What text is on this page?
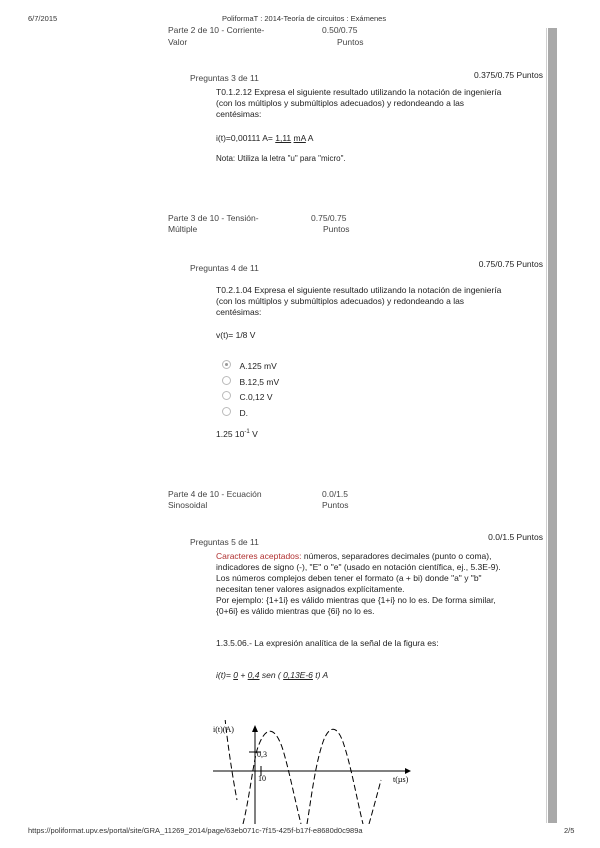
6/7/2015	PoliformaT : 2014-Teoría de circuitos : Exámenes
Parte 2 de 10 - Corriente-
Valor
0.50/0.75
Puntos
Preguntas 3 de 11	0.375/0.75 Puntos
T0.1.2.12 Expresa el siguiente resultado utilizando la notación de ingeniería
(con los múltiplos y submúltiplos adecuados) y redondeando a las
centésimas:
i(t)=0,00111 A= 1,11 mA A
Nota: Utiliza la letra "u" para "micro".
Parte 3 de 10 - Tensión-
Múltiple
0.75/0.75
Puntos
Preguntas 4 de 11	0.75/0.75 Puntos
T0.2.1.04 Expresa el siguiente resultado utilizando la notación de ingeniería
(con los múltiplos y submúltiplos adecuados) y redondeando a las
centésimas:
v(t)= 1/8 V
A.125 mV
B.12,5 mV
C.0,12 V
D.
1.25 $10^{-1}$ V
Parte 4 de 10 - Ecuación
Sinosoidal
0.0/1.5
Puntos
Preguntas 5 de 11	0.0/1.5 Puntos
Caracteres aceptados: números, separadores decimales (punto o coma),
indicadores de signo (-), "E" o "e" (usado en notación científica, ej., 5.3E-9).
Los números complejos deben tener el formato (a + bi) donde "a" y "b"
necesitan tener valores asignados explícitamente.
Por ejemplo: {1+1i} es válido mientras que {1+i} no lo es. De forma similar,
{0+6i} es válido mientras que {6i} no lo es.
1.3.5.06.- La expresión analítica de la señal de la figura es:
i(t)= 0 + 0,4 sen ( 0,13E-6 t) A
i(t)(A)
0,3
10	t(µs)
https://poliformat.upv.es/portal/site/GRA_11269_2014/page/63eb071c-7f15-425f-b17f-e8680d0c989a	2/5
